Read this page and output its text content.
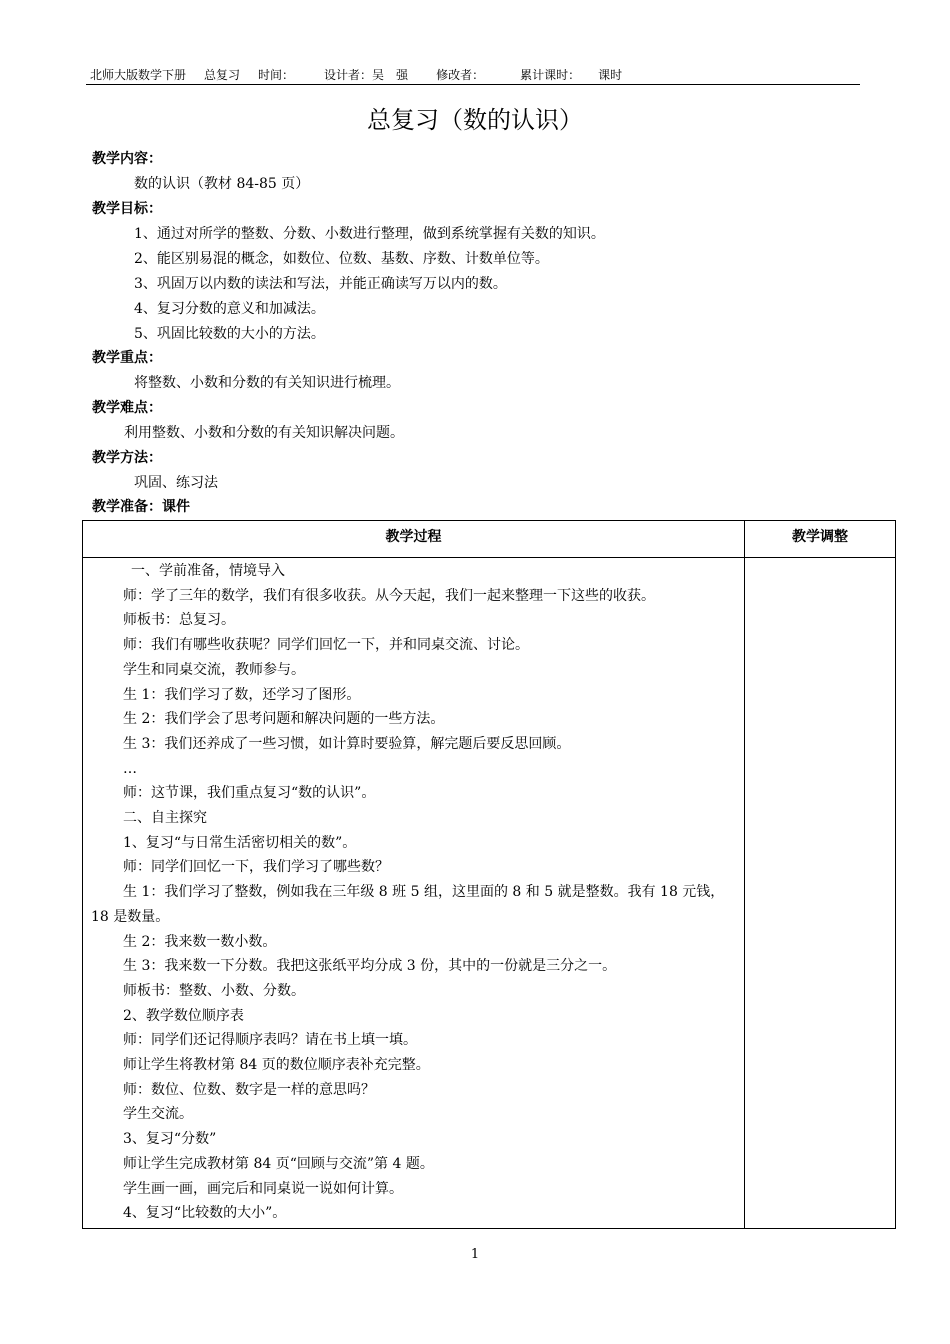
北师大版数学下册 总复习 时间：	设计者：吴　强 修改者：	累计课时： 课时
总复习（数的认识）
教学内容：
数的认识（教材 84-85 页）
教学目标：
1、通过对所学的整数、分数、小数进行整理，做到系统掌握有关数的知识。
2、能区别易混的概念，如数位、位数、基数、序数、计数单位等。
3、巩固万以内数的读法和写法，并能正确读写万以内的数。
4、复习分数的意义和加减法。
5、巩固比较数的大小的方法。
教学重点：
将整数、小数和分数的有关知识进行梳理。
教学难点：
利用整数、小数和分数的有关知识解决问题。
教学方法：
巩固、练习法
教学准备：课件
教学过程	教学调整

一、学前准备，情境导入

师：学了三年的数学，我们有很多收获。从今天起，我们一起来整理一下这些的收获。

师板书：总复习。

师：我们有哪些收获呢？同学们回忆一下，并和同桌交流、讨论。

学生和同桌交流，教师参与。

生 1：我们学习了数，还学习了图形。

生 2：我们学会了思考问题和解决问题的一些方法。

生 3：我们还养成了一些习惯，如计算时要验算，解完题后要反思回顾。

…

师：这节课，我们重点复习“数的认识”。

二、自主探究

1、复习“与日常生活密切相关的数”。

师：同学们回忆一下，我们学习了哪些数？

生 1：我们学习了整数，例如我在三年级 8 班 5 组，这里面的 8 和 5 就是整数。我有 18 元钱，18 是数量。

生 2：我来数一数小数。

生 3：我来数一下分数。我把这张纸平均分成 3 份，其中的一份就是三分之一。

师板书：整数、小数、分数。

2、教学数位顺序表

师：同学们还记得顺序表吗？请在书上填一填。

师让学生将教材第 84 页的数位顺序表补充完整。

师：数位、位数、数字是一样的意思吗？

学生交流。

3、复习“分数”

师让学生完成教材第 84 页“回顾与交流”第 4 题。

学生画一画，画完后和同桌说一说如何计算。

4、复习“比较数的大小”。

1
